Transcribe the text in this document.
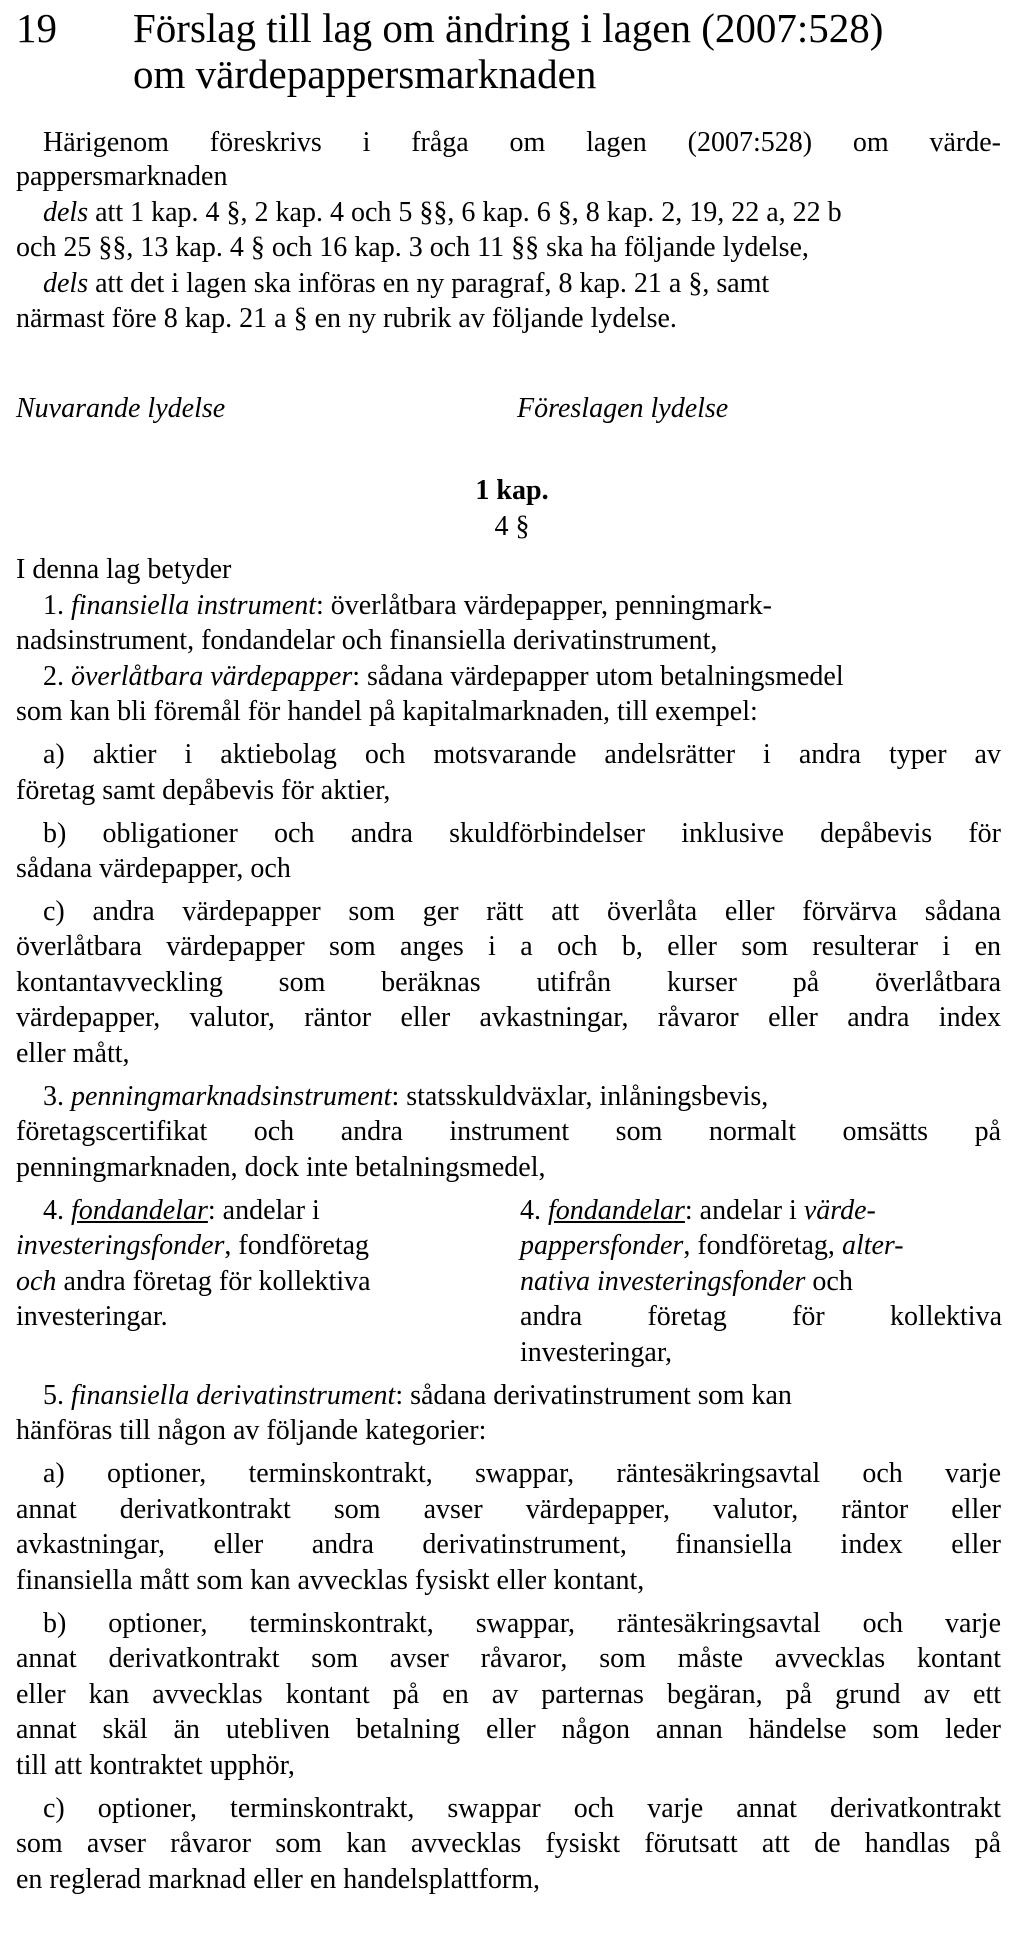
19 Förslag till lag om ändring i lagen (2007:528)
om värdepappersmarknaden
Härigenom föreskrivs i fråga om lagen (2007:528) om värde-
pappersmarknaden
dels att 1 kap. 4 §, 2 kap. 4 och 5 §§, 6 kap. 6 §, 8 kap. 2, 19, 22 a, 22 b
och 25 §§, 13 kap. 4 § och 16 kap. 3 och 11 §§ ska ha följande lydelse,
dels att det i lagen ska införas en ny paragraf, 8 kap. 21 a §, samt
närmast före 8 kap. 21 a § en ny rubrik av följande lydelse.
Nuvarande lydelse	Föreslagen lydelse
1 kap.
4 §
I denna lag betyder
1. finansiella instrument: överlåtbara värdepapper, penningmark-
nadsinstrument, fondandelar och finansiella derivatinstrument,
2. överlåtbara värdepapper: sådana värdepapper utom betalningsmedel
som kan bli föremål för handel på kapitalmarknaden, till exempel:
a) aktier i aktiebolag och motsvarande andelsrätter i andra typer av
företag samt depåbevis för aktier,
b) obligationer och andra skuldförbindelser inklusive depåbevis för
sådana värdepapper, och
c) andra värdepapper som ger rätt att överlåta eller förvärva sådana
överlåtbara värdepapper som anges i a och b, eller som resulterar i en
kontantavveckling som beräknas utifrån kurser på överlåtbara
värdepapper, valutor, räntor eller avkastningar, råvaror eller andra index
eller mått,
3. penningmarknadsinstrument: statsskuldväxlar, inlåningsbevis,
företagscertifikat och andra instrument som normalt omsätts på
penningmarknaden, dock inte betalningsmedel,
4. fondandelar: andelar i
investeringsfonder, fondföretag
och andra företag för kollektiva
investeringar.
4. fondandelar: andelar i värde-
pappersfonder, fondföretag, alter-
nativa investeringsfonder och
andra företag för kollektiva
investeringar,
5. finansiella derivatinstrument: sådana derivatinstrument som kan
hänföras till någon av följande kategorier:
a) optioner, terminskontrakt, swappar, räntesäkringsavtal och varje
annat derivatkontrakt som avser värdepapper, valutor, räntor eller
avkastningar, eller andra derivatinstrument, finansiella index eller
finansiella mått som kan avvecklas fysiskt eller kontant,
b) optioner, terminskontrakt, swappar, räntesäkringsavtal och varje
annat derivatkontrakt som avser råvaror, som måste avvecklas kontant
eller kan avvecklas kontant på en av parternas begäran, på grund av ett
annat skäl än utebliven betalning eller någon annan händelse som leder
till att kontraktet upphör,
c) optioner, terminskontrakt, swappar och varje annat derivatkontrakt
som avser råvaror som kan avvecklas fysiskt förutsatt att de handlas på
en reglerad marknad eller en handelsplattform,
